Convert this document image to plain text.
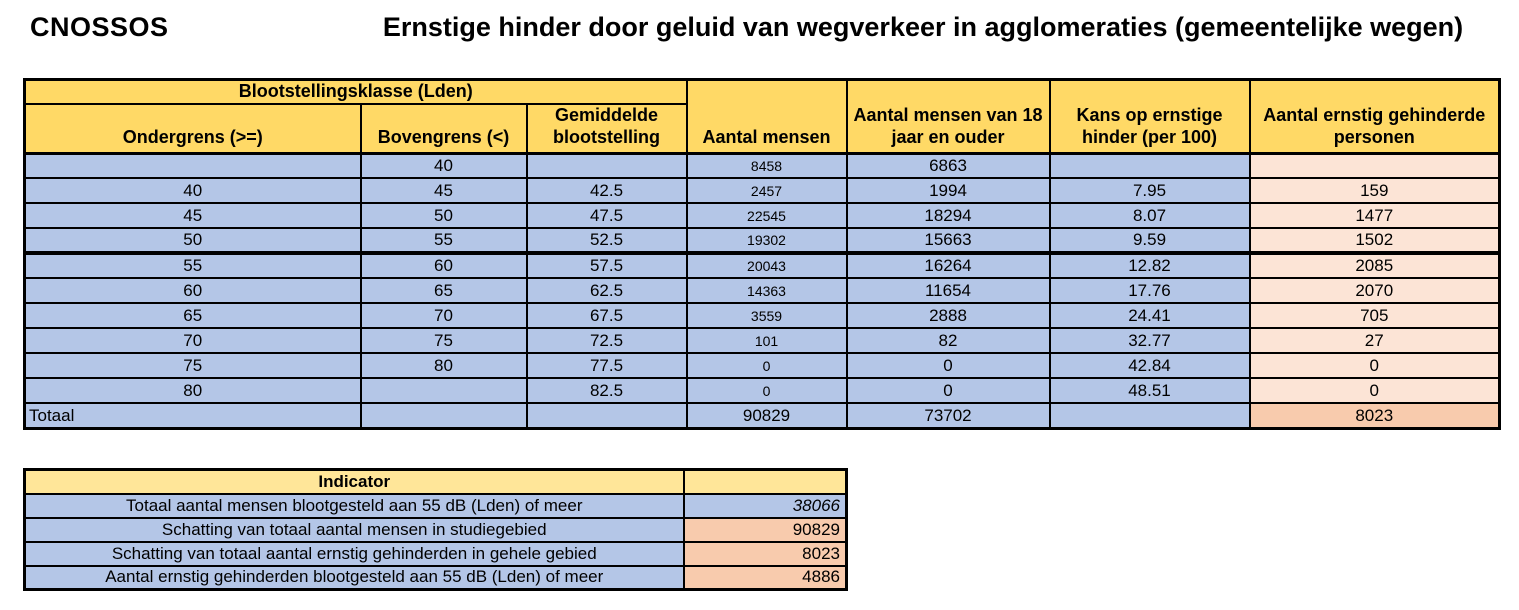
CNOSSOS	Ernstige hinder door geluid van wegverkeer in agglomeraties (gemeentelijke wegen)
Blootstellingsklasse (Lden)			Aantal mensen	Aantal mensen van 18 jaar en ouder	Kans op ernstige hinder (per 100)	Aantal ernstig gehinderde personen
Ondergrens (>=)	Bovengrens (<)	Gemiddelde blootstelling				
	40		8458	6863		
40	45	42.5	2457	1994	7.95	159
45	50	47.5	22545	18294	8.07	1477
50	55	52.5	19302	15663	9.59	1502
55	60	57.5	20043	16264	12.82	2085
60	65	62.5	14363	11654	17.76	2070
65	70	67.5	3559	2888	24.41	705
70	75	72.5	101	82	32.77	27
75	80	77.5	0	0	42.84	0
80		82.5	0	0	48.51	0
Totaal			90829	73702		8023
Indicator	
Totaal aantal mensen blootgesteld aan 55 dB (Lden) of meer	38066
Schatting van totaal aantal mensen in studiegebied	90829
Schatting van totaal aantal ernstig gehinderden in gehele gebied	8023
Aantal ernstig gehinderden blootgesteld aan 55 dB (Lden) of meer	4886
